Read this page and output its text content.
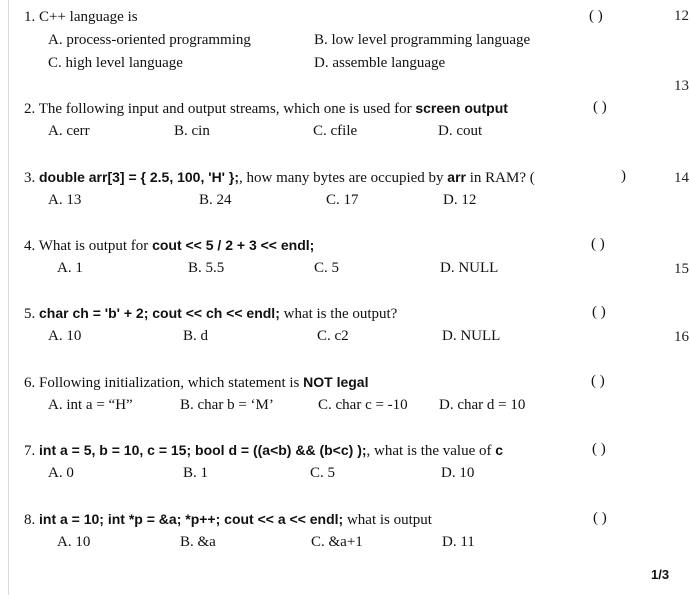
1. C++ language is	( )
A. process-oriented programming	B. low level programming language
C. high level language	D. assemble language
2. The following input and output streams, which one is used for screen output	( )
A. cerr	B. cin	C. cfile	D. cout
3. double arr[3] = { 2.5, 100, 'H' };, how many bytes are occupied by arr in RAM? (	)
A. 13	B. 24	C. 17	D. 12
4. What is output for cout << 5 / 2 + 3 << endl;	( )
A. 1	B. 5.5	C. 5	D. NULL
5. char ch = 'b' + 2; cout << ch << endl; what is the output?	( )
A. 10	B. d	C. c2	D. NULL
6. Following initialization, which statement is NOT legal	( )
A. int a = “H”	B. char b = ‘M’	C. char c = -10 D. char d = 10
7. int a = 5, b = 10, c = 15; bool d = ((a<b) && (b<c) );, what is the value of c	( )
A. 0	B. 1	C. 5	D. 10
8. int a = 10; int *p = &a; *p++; cout << a << endl; what is output	( )
A. 10	B. &a	C. &a+1	D. 11
12
13
14
15
16
1/3
